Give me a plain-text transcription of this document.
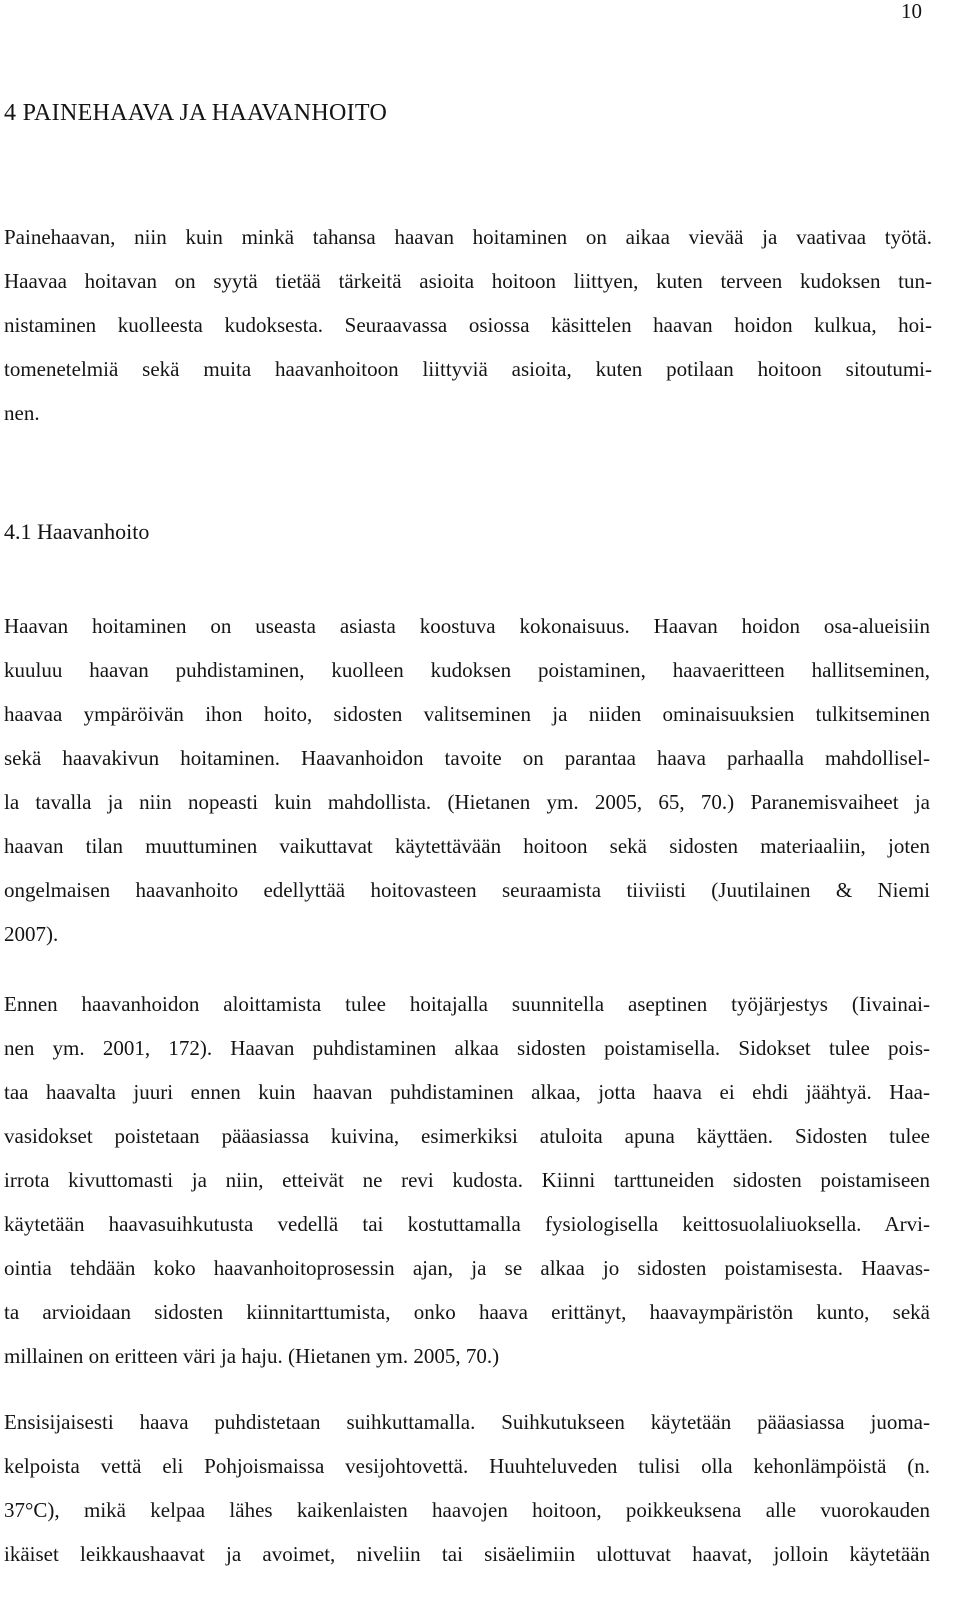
10
4 PAINEHAAVA JA HAAVANHOITO
Painehaavan, niin kuin minkä tahansa haavan hoitaminen on aikaa vievää ja vaativaa työtä.
Haavaa hoitavan on syytä tietää tärkeitä asioita hoitoon liittyen, kuten terveen kudoksen tun-
nistaminen kuolleesta kudoksesta. Seuraavassa osiossa käsittelen haavan hoidon kulkua, hoi-
tomenetelmiä sekä muita haavanhoitoon liittyviä asioita, kuten potilaan hoitoon sitoutumi-
nen.
4.1 Haavanhoito
Haavan hoitaminen on useasta asiasta koostuva kokonaisuus. Haavan hoidon osa-alueisiin
kuuluu haavan puhdistaminen, kuolleen kudoksen poistaminen, haavaeritteen hallitseminen,
haavaa ympäröivän ihon hoito, sidosten valitseminen ja niiden ominaisuuksien tulkitseminen
sekä haavakivun hoitaminen. Haavanhoidon tavoite on parantaa haava parhaalla mahdollisel-
la tavalla ja niin nopeasti kuin mahdollista. (Hietanen ym. 2005, 65, 70.) Paranemisvaiheet ja
haavan tilan muuttuminen vaikuttavat käytettävään hoitoon sekä sidosten materiaaliin, joten
ongelmaisen haavanhoito edellyttää hoitovasteen seuraamista tiiviisti (Juutilainen & Niemi
2007).
Ennen haavanhoidon aloittamista tulee hoitajalla suunnitella aseptinen työjärjestys (Iivainai-
nen ym. 2001, 172). Haavan puhdistaminen alkaa sidosten poistamisella. Sidokset tulee pois-
taa haavalta juuri ennen kuin haavan puhdistaminen alkaa, jotta haava ei ehdi jäähtyä. Haa-
vasidokset poistetaan pääasiassa kuivina, esimerkiksi atuloita apuna käyttäen. Sidosten tulee
irrota kivuttomasti ja niin, etteivät ne revi kudosta. Kiinni tarttuneiden sidosten poistamiseen
käytetään haavasuihkutusta vedellä tai kostuttamalla fysiologisella keittosuolaliuoksella. Arvi-
ointia tehdään koko haavanhoitoprosessin ajan, ja se alkaa jo sidosten poistamisesta. Haavas-
ta arvioidaan sidosten kiinnitarttumista, onko haava erittänyt, haavaympäristön kunto, sekä
millainen on eritteen väri ja haju. (Hietanen ym. 2005, 70.)
Ensisijaisesti haava puhdistetaan suihkuttamalla. Suihkutukseen käytetään pääasiassa juoma-
kelpoista vettä eli Pohjoismaissa vesijohtovettä. Huuhteluveden tulisi olla kehonlämpöistä (n.
37°C), mikä kelpaa lähes kaikenlaisten haavojen hoitoon, poikkeuksena alle vuorokauden
ikäiset leikkaushaavat ja avoimet, niveliin tai sisäelimiin ulottuvat haavat, jolloin käytetään
